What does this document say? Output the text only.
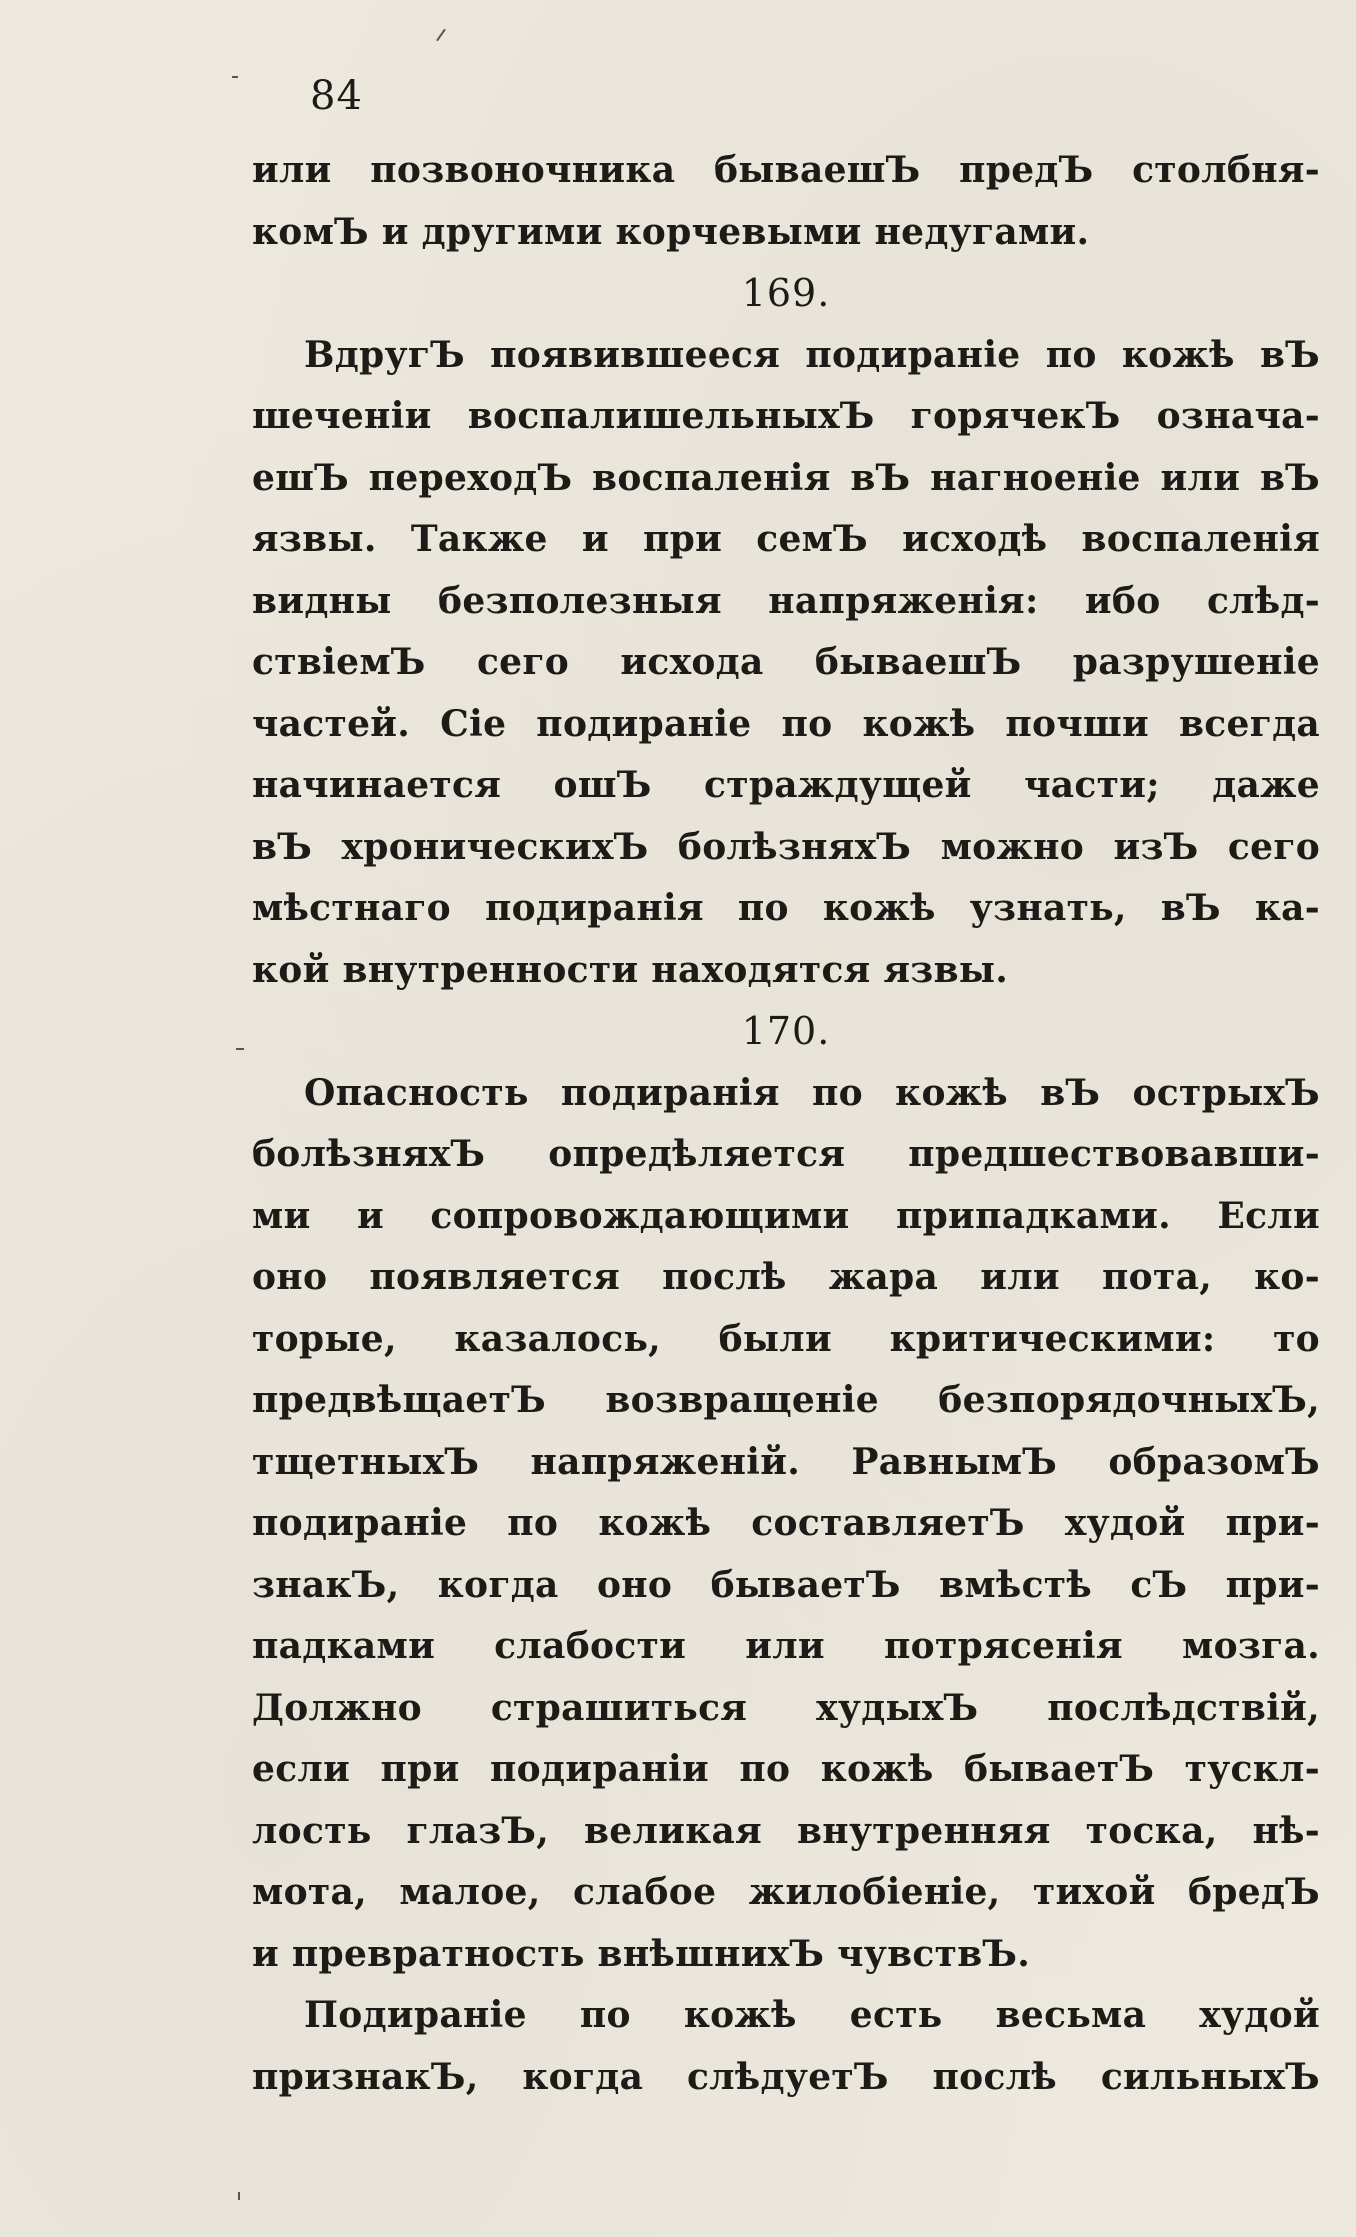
84
или позвоночника бываешЪ предЪ столбня-
комЪ и другими корчевыми недугами.
169.
ВдругЪ появившееся подиранiе по кожѣ вЪ
шеченiи воспалишельныхЪ горячекЪ означа-
ешЪ переходЪ воспаленiя вЪ нагноенiе или вЪ
язвы. Также и при семЪ исходѣ воспаленiя
видны безполезныя напряженiя: ибо слѣд-
ствiемЪ сего исхода бываешЪ разрушенiе
частей. Сiе подиранiе по кожѣ почши всегда
начинается ошЪ страждущей части; даже
вЪ хроническихЪ болѣзняхЪ можно изЪ сего
мѣстнаго подиранiя по кожѣ узнать, вЪ ка-
кой внутренности находятся язвы.
170.
Опасность подиранiя по кожѣ вЪ острыхЪ
болѣзняхЪ опредѣляется предшествовавши-
ми и сопровождающими припадками. Если
оно появляется послѣ жара или пота, ко-
торые, казалось, были критическими: то
предвѣщаетЪ возвращенiе безпорядочныхЪ,
тщетныхЪ напряженiй. РавнымЪ образомЪ
подиранiе по кожѣ составляетЪ худой при-
знакЪ, когда оно бываетЪ вмѣстѣ сЪ при-
падками слабости или потрясенiя мозга.
Должно страшиться худыхЪ послѣдствiй,
если при подиранiи по кожѣ бываетЪ тускл-
лость глазЪ, великая внутренняя тоска, нѣ-
мота, малое, слабое жилобiенiе, тихой бредЪ
и превратность внѣшнихЪ чувствЪ.
Подиранiе по кожѣ есть весьма худой
признакЪ, когда слѣдуетЪ послѣ сильныхЪ
